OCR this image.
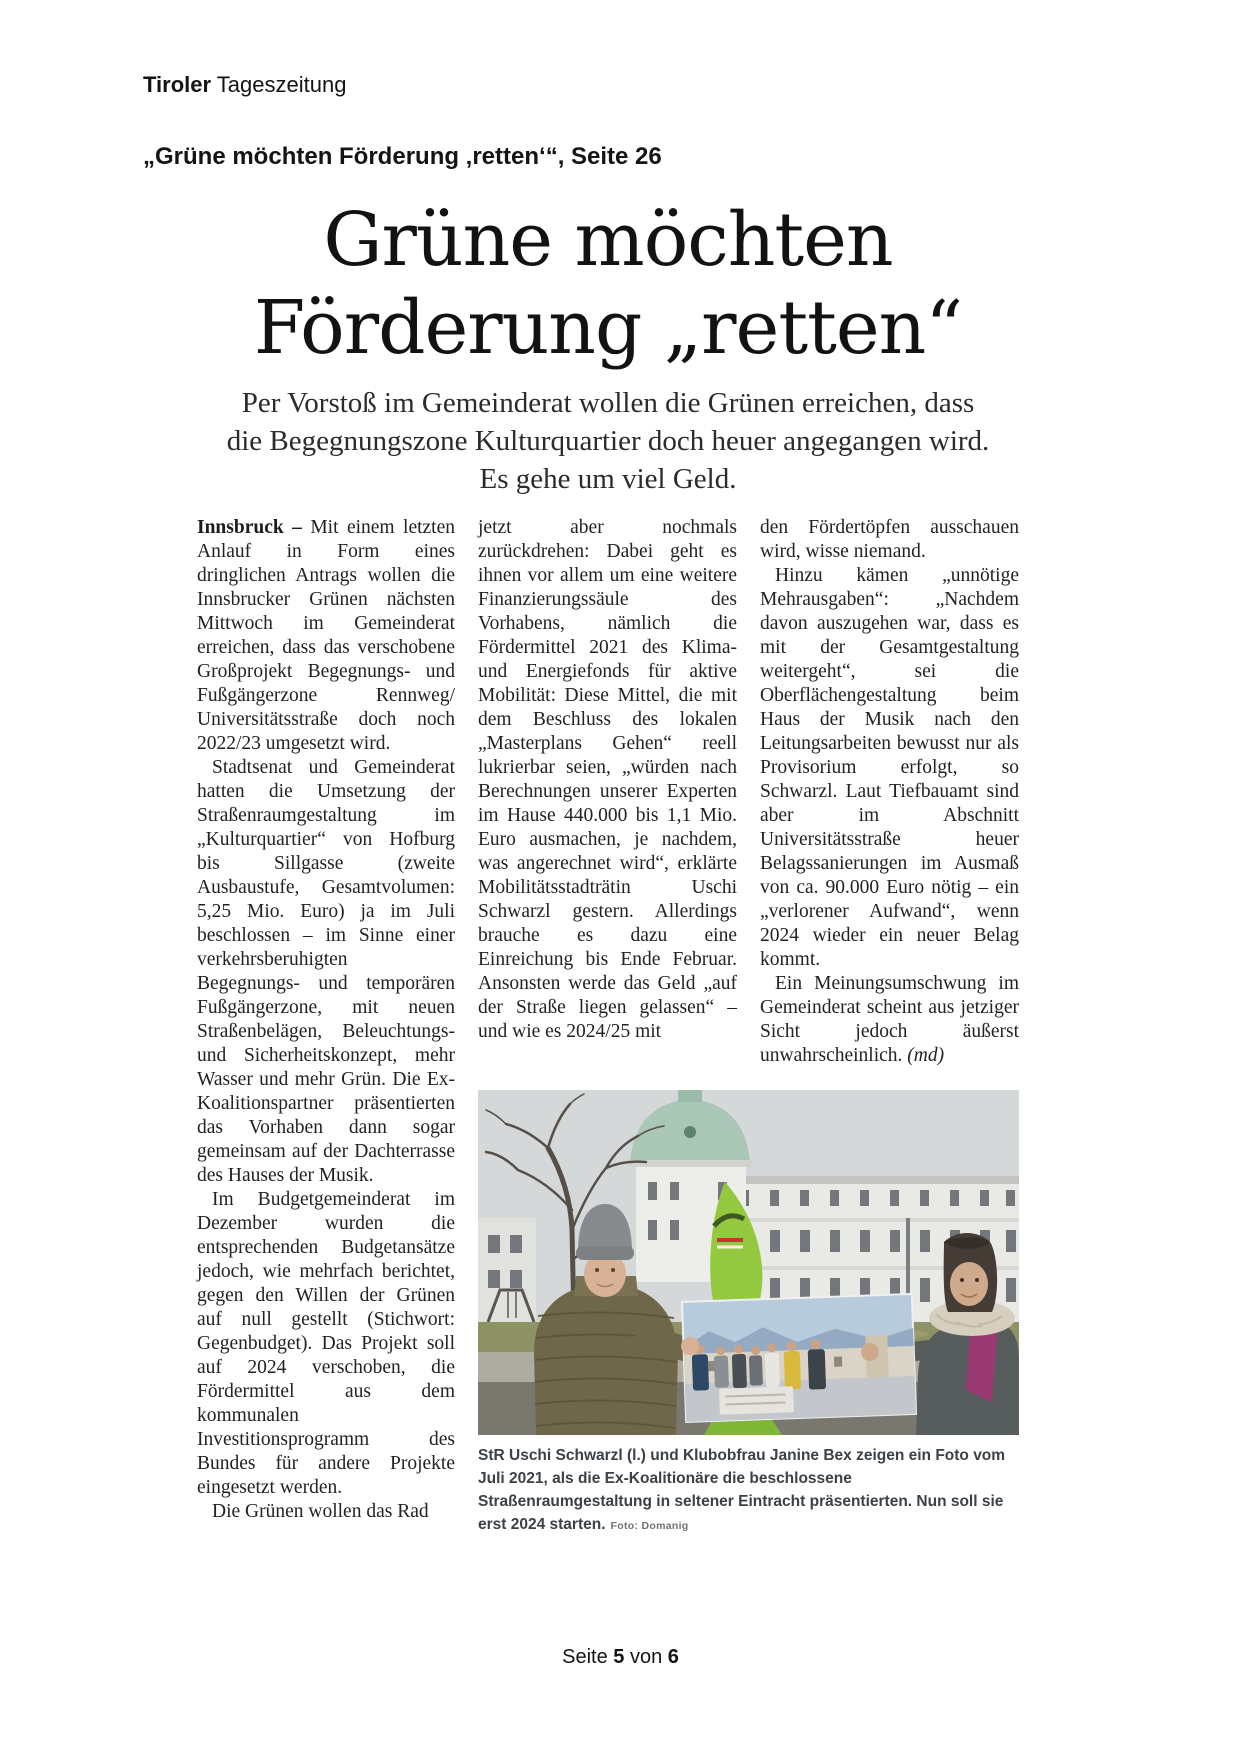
Tiroler Tageszeitung
„Grüne möchten Förderung ‚retten‘“, Seite 26
Grüne möchten
Förderung „retten“

Per Vorstoß im Gemeinderat wollen die Grünen erreichen, dass die Begegnungszone Kulturquartier doch heuer angegangen wird. Es gehe um viel Geld.

Innsbruck – Mit einem letzten Anlauf in Form eines dringlichen Antrags wollen die Innsbrucker Grünen nächsten Mittwoch im Gemeinderat erreichen, dass das verschobene Großprojekt Begegnungs- und Fußgängerzone Rennweg/ Universitätsstraße doch noch 2022/23 umgesetzt wird.

Stadtsenat und Gemeinderat hatten die Umsetzung der Straßenraumgestaltung im „Kulturquartier“ von Hofburg bis Sillgasse (zweite Ausbaustufe, Gesamtvolumen: 5,25 Mio. Euro) ja im Juli beschlossen – im Sinne einer verkehrsberuhigten Begegnungs- und temporären Fußgängerzone, mit neuen Straßenbelägen, Beleuchtungs- und Sicherheitskonzept, mehr Wasser und mehr Grün. Die Ex-Koalitionspartner präsentierten das Vorhaben dann sogar gemeinsam auf der Dachterrasse des Hauses der Musik.

Im Budgetgemeinderat im Dezember wurden die entsprechenden Budgetansätze jedoch, wie mehrfach berichtet, gegen den Willen der Grünen auf null gestellt (Stichwort: Gegenbudget). Das Projekt soll auf 2024 verschoben, die Fördermittel aus dem kommunalen Investitionsprogramm des Bundes für andere Projekte eingesetzt werden.

Die Grünen wollen das Rad

jetzt aber nochmals zurückdrehen: Dabei geht es ihnen vor allem um eine weitere Finanzierungssäule des Vorhabens, nämlich die Fördermittel 2021 des Klima- und Energiefonds für aktive Mobilität: Diese Mittel, die mit dem Beschluss des lokalen „Masterplans Gehen“ reell lukrierbar seien, „würden nach Berechnungen unserer Experten im Hause 440.000 bis 1,1 Mio. Euro ausmachen, je nachdem, was angerechnet wird“, erklärte Mobilitätsstadträtin Uschi Schwarzl gestern. Allerdings brauche es dazu eine Einreichung bis Ende Februar. Ansonsten werde das Geld „auf der Straße liegen gelassen“ – und wie es 2024/25 mit

den Fördertöpfen ausschauen wird, wisse niemand.

Hinzu kämen „unnötige Mehrausgaben“: „Nachdem davon auszugehen war, dass es mit der Gesamtgestaltung weitergeht“, sei die Oberflächengestaltung beim Haus der Musik nach den Leitungsarbeiten bewusst nur als Provisorium erfolgt, so Schwarzl. Laut Tiefbauamt sind aber im Abschnitt Universitätsstraße heuer Belagssanierungen im Ausmaß von ca. 90.000 Euro nötig – ein „verlorener Aufwand“, wenn 2024 wieder ein neuer Belag kommt.

Ein Meinungsumschwung im Gemeinderat scheint aus jetziger Sicht jedoch äußerst unwahrscheinlich. (md)

StR Uschi Schwarzl (l.) und Klubobfrau Janine Bex zeigen ein Foto vom Juli 2021, als die Ex-Koalitionäre die beschlossene Straßenraumgestaltung in seltener Eintracht präsentierten. Nun soll sie erst 2024 starten. Foto: Domanig
Seite 5 von 6
